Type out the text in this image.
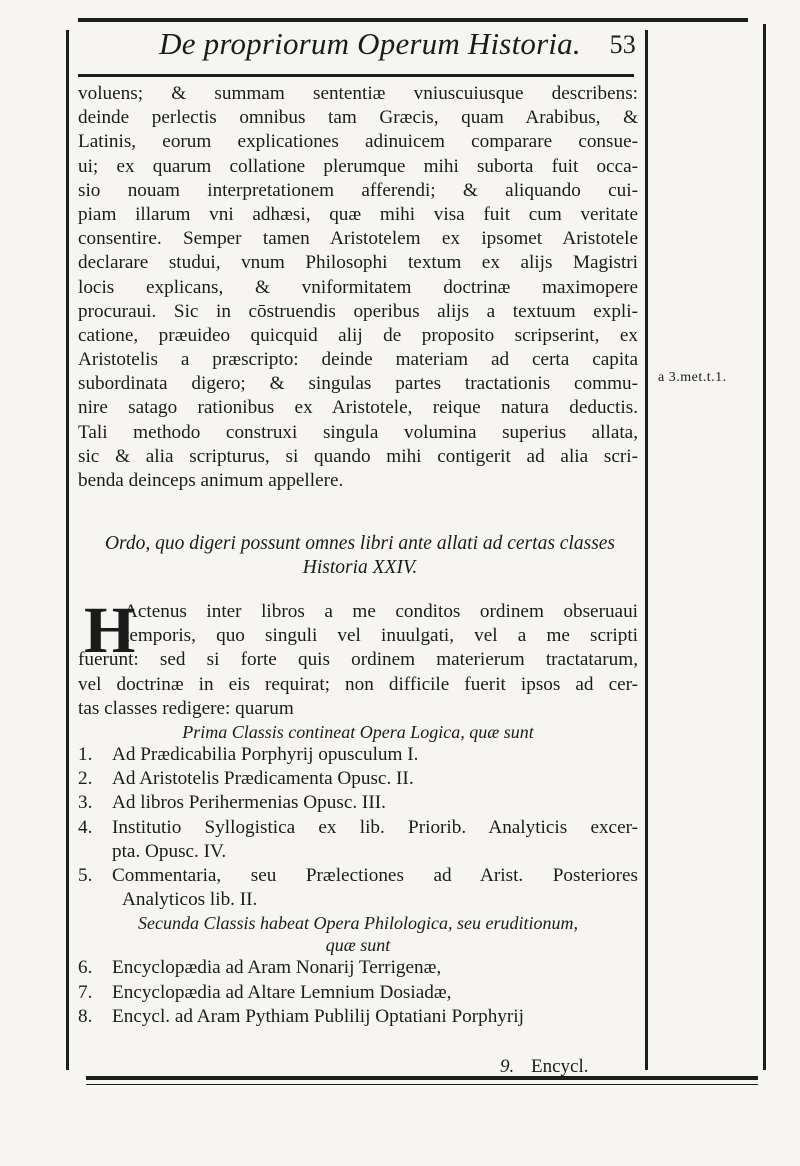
De propriorum Operum Historia. 53
voluens; & summam sententiæ vniuscuiusque describens:
deinde perlectis omnibus tam Græcis, quam Arabibus, &
Latinis, eorum explicationes adinuicem comparare consue-
ui; ex quarum collatione plerumque mihi suborta fuit occa-
sio nouam interpretationem afferendi; & aliquando cui-
piam illarum vni adhæsi, quæ mihi visa fuit cum veritate
consentire. Semper tamen Aristotelem ex ipsomet Aristotele
declarare studui, vnum Philosophi textum ex alijs Magistri
locis explicans, & vniformitatem doctrinæ maximopere
procuraui. Sic in cōstruendis operibus alijs a textuum expli-
catione, præuideo quicquid alij de proposito scripserint, ex
Aristotelis a præscripto: deinde materiam ad certa capita
subordinata digero; & singulas partes tractationis commu-
nire satago rationibus ex Aristotele, reique natura deductis.
Tali methodo construxi singula volumina superius allata,
sic & alia scripturus, si quando mihi contigerit ad alia scri-
benda deinceps animum appellere.
a 3.met.t.1.
Ordo, quo digeri possunt omnes libri ante allati ad certas classes
Historia XXIV.
H
Actenus inter libros a me conditos ordinem obseruaui
temporis, quo singuli vel inuulgati, vel a me scripti
fuerunt: sed si forte quis ordinem materierum tractatarum,
vel doctrinæ in eis requirat; non difficile fuerit ipsos ad cer-
tas classes redigere: quarum
Prima Classis contineat Opera Logica, quæ sunt
1.	Ad Prædicabilia Porphyrij opusculum I.
2.	Ad Aristotelis Prædicamenta Opusc. II.
3.	Ad libros Perihermenias Opusc. III.
4.	Institutio Syllogistica ex lib. Priorib. Analyticis excer-
pta. Opusc. IV.
5.	Commentaria, seu Prælectiones ad Arist. Posteriores
Analyticos lib. II.
Secunda Classis habeat Opera Philologica, seu eruditionum,
quæ sunt
6.	Encyclopædia ad Aram Nonarij Terrigenæ,
7.	Encyclopædia ad Altare Lemnium Dosiadæ,
8.	Encycl. ad Aram Pythiam Publilij Optatiani Porphyrij
9. Encycl.
